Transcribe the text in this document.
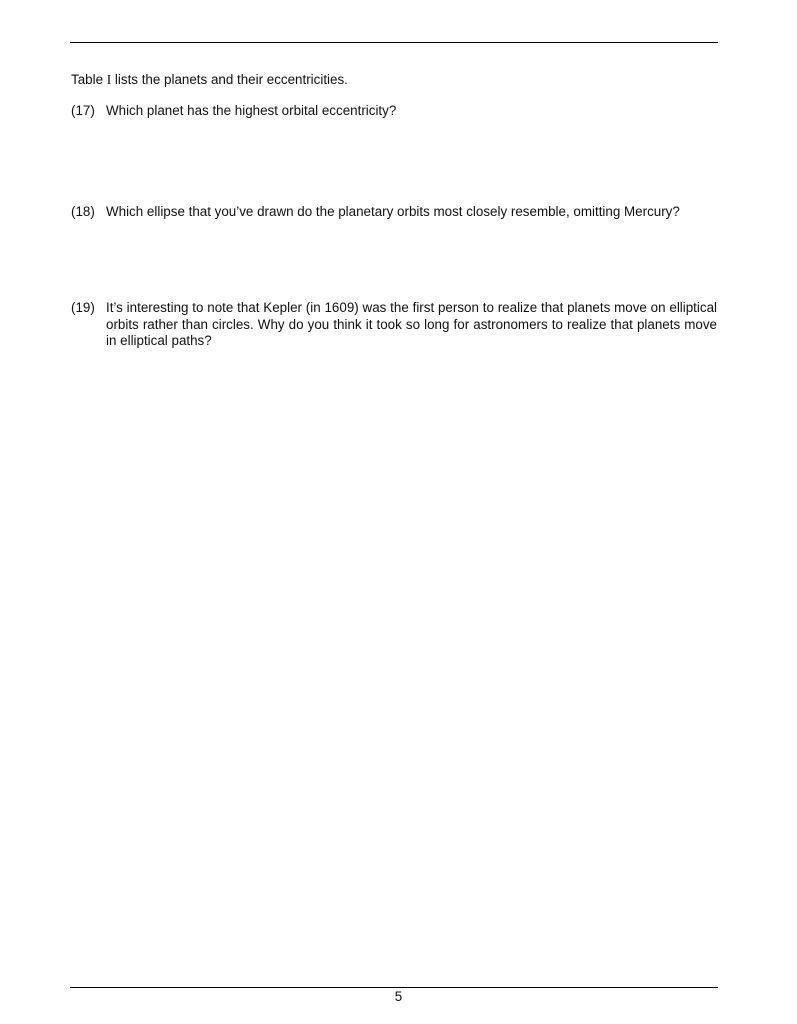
Table I lists the planets and their eccentricities.
(17) Which planet has the highest orbital eccentricity?
(18) Which ellipse that you’ve drawn do the planetary orbits most closely resemble, omitting Mercury?
(19) It’s interesting to note that Kepler (in 1609) was the first person to realize that planets move on elliptical orbits rather than circles. Why do you think it took so long for astronomers to realize that planets move in elliptical paths?
5
